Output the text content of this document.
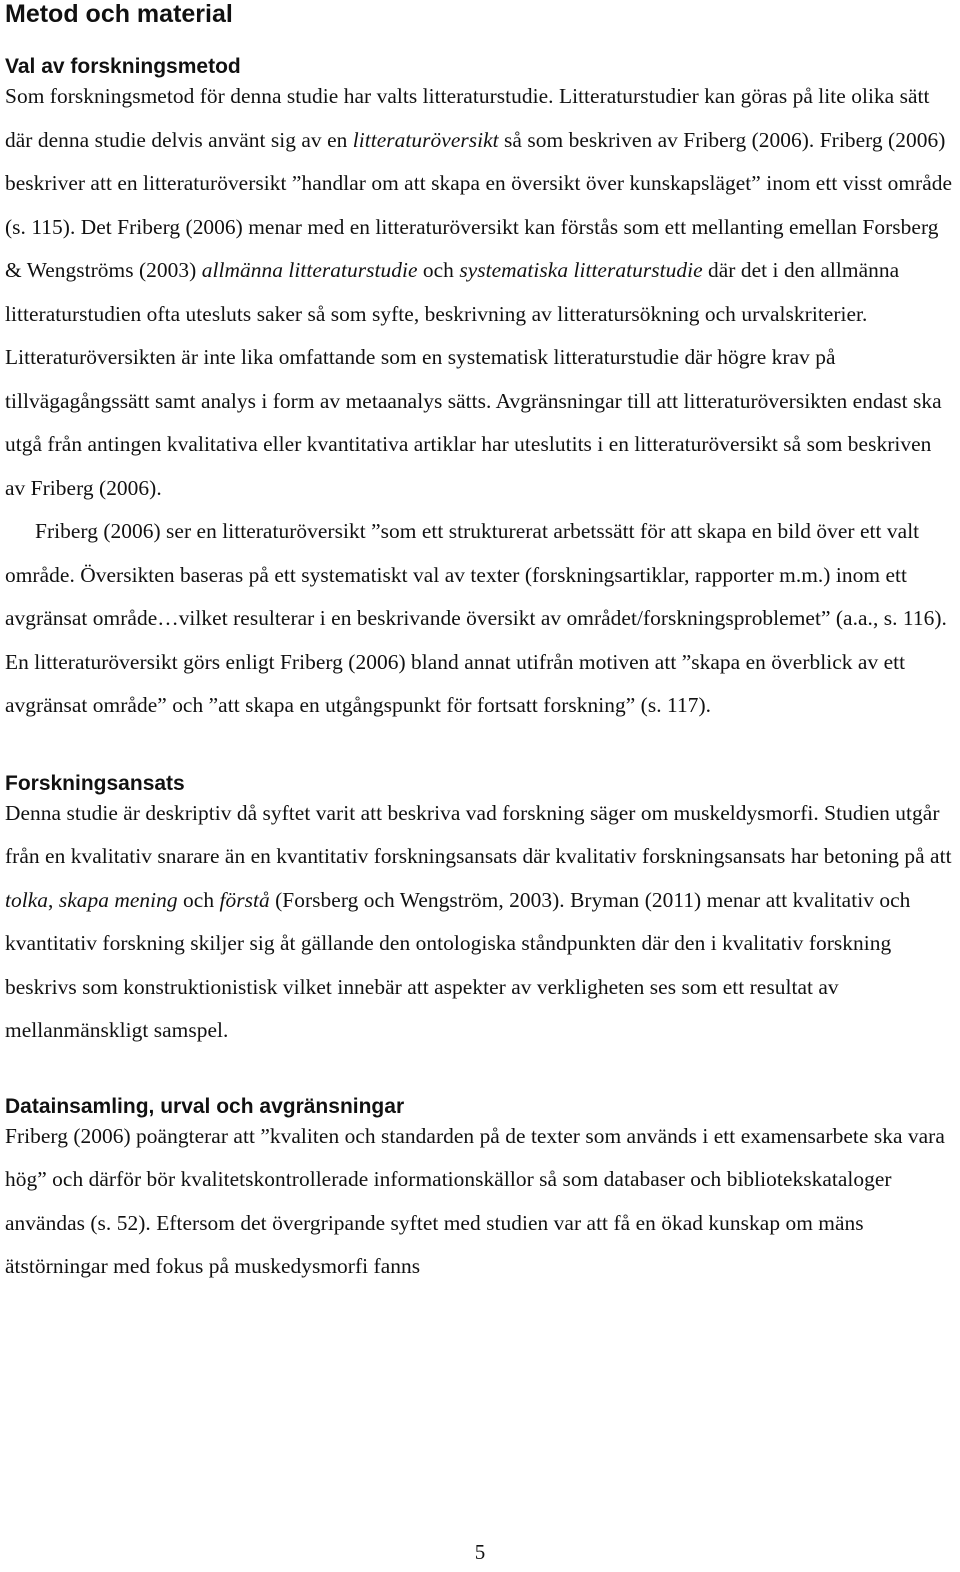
Metod och material
Val av forskningsmetod

Som forskningsmetod för denna studie har valts litteraturstudie. Litteraturstudier kan göras på lite olika sätt där denna studie delvis använt sig av en litteraturöversikt så som beskriven av Friberg (2006). Friberg (2006) beskriver att en litteraturöversikt ”handlar om att skapa en översikt över kunskapsläget” inom ett visst område (s. 115). Det Friberg (2006) menar med en litteraturöversikt kan förstås som ett mellanting emellan Forsberg & Wengströms (2003) allmänna litteraturstudie och systematiska litteraturstudie där det i den allmänna litteraturstudien ofta utesluts saker så som syfte, beskrivning av litteratursökning och urvalskriterier. Litteraturöversikten är inte lika omfattande som en systematisk litteraturstudie där högre krav på tillvägagångssätt samt analys i form av metaanalys sätts. Avgränsningar till att litteraturöversikten endast ska utgå från antingen kvalitativa eller kvantitativa artiklar har uteslutits i en litteraturöversikt så som beskriven av Friberg (2006).

Friberg (2006) ser en litteraturöversikt ”som ett strukturerat arbetssätt för att skapa en bild över ett valt område. Översikten baseras på ett systematiskt val av texter (forskningsartiklar, rapporter m.m.) inom ett avgränsat område…vilket resulterar i en beskrivande översikt av området/forskningsproblemet” (a.a., s. 116). En litteraturöversikt görs enligt Friberg (2006) bland annat utifrån motiven att ”skapa en överblick av ett avgränsat område” och ”att skapa en utgångspunkt för fortsatt forskning” (s. 117).

Forskningsansats

Denna studie är deskriptiv då syftet varit att beskriva vad forskning säger om muskeldysmorfi. Studien utgår från en kvalitativ snarare än en kvantitativ forskningsansats där kvalitativ forskningsansats har betoning på att tolka, skapa mening och förstå (Forsberg och Wengström, 2003). Bryman (2011) menar att kvalitativ och kvantitativ forskning skiljer sig åt gällande den ontologiska ståndpunkten där den i kvalitativ forskning beskrivs som konstruktionistisk vilket innebär att aspekter av verkligheten ses som ett resultat av mellanmänskligt samspel.

Datainsamling, urval och avgränsningar

Friberg (2006) poängterar att ”kvaliten och standarden på de texter som används i ett examensarbete ska vara hög” och därför bör kvalitetskontrollerade informationskällor så som databaser och bibliotekskataloger användas (s. 52). Eftersom det övergripande syftet med studien var att få en ökad kunskap om mäns ätstörningar med fokus på muskedysmorfi fanns

5
